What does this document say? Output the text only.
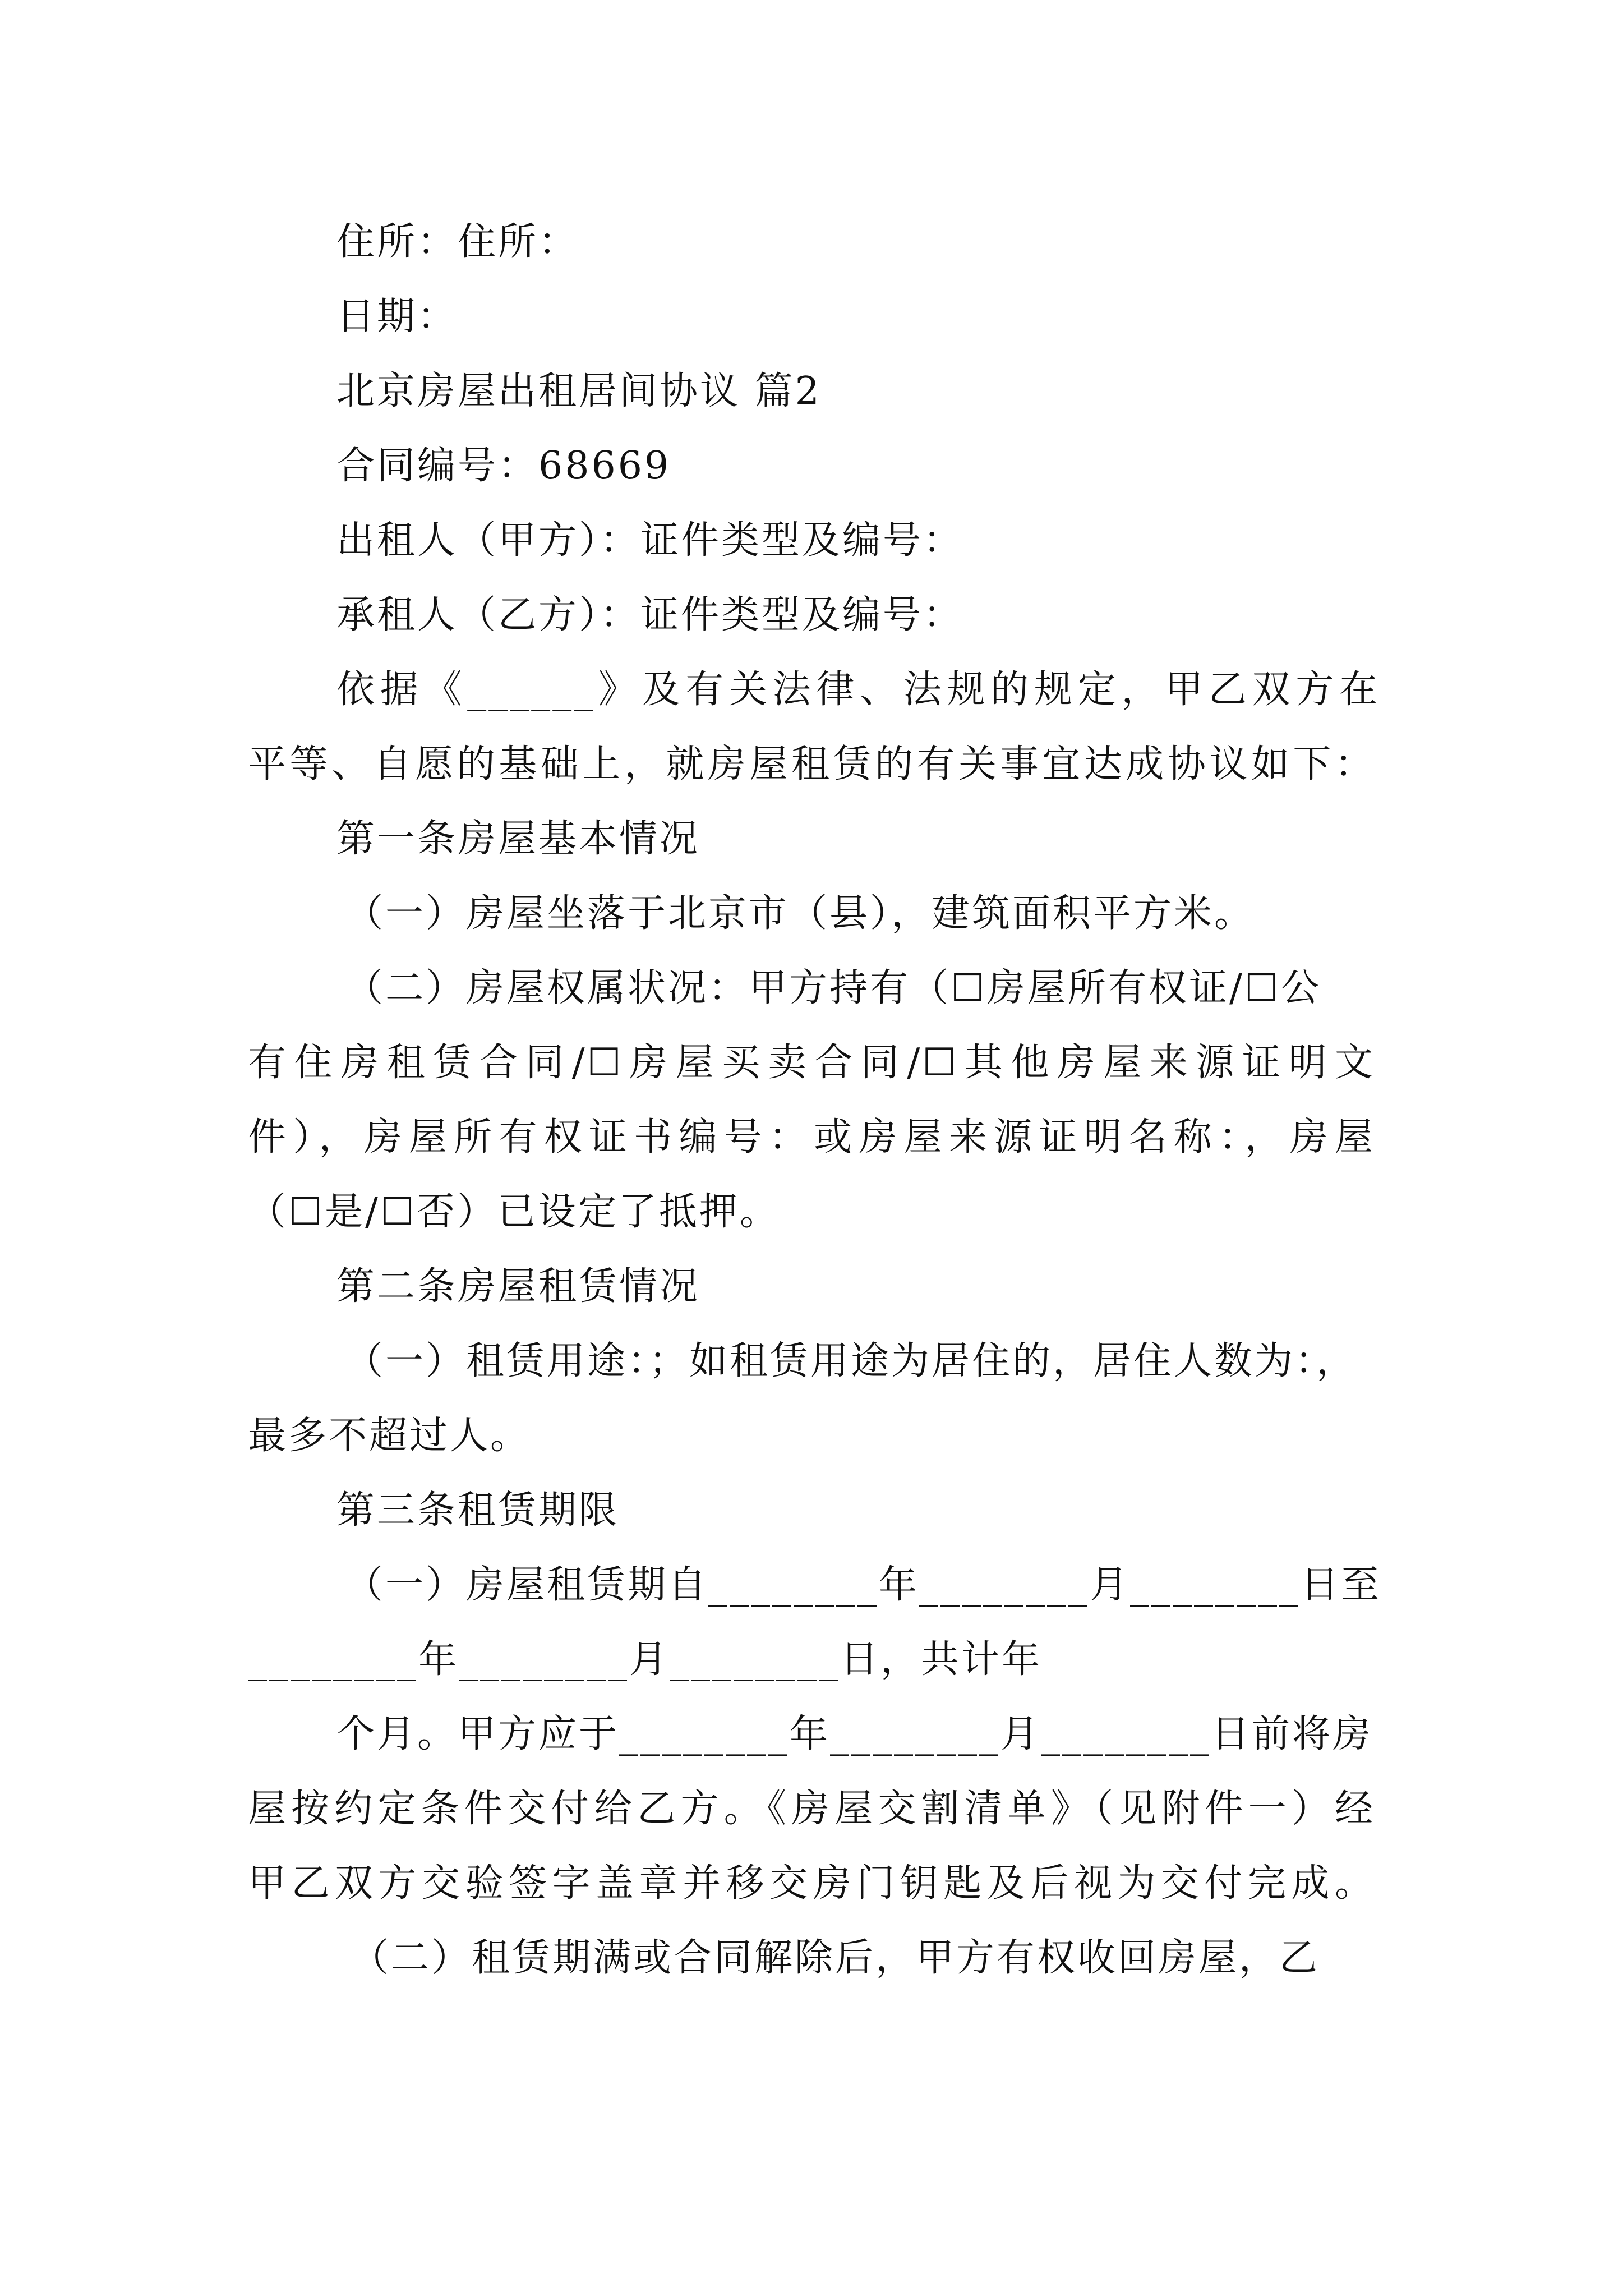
住所：住所：
日期：
北京房屋出租居间协议 篇2
合同编号：68669
出租人（甲方）：证件类型及编号：
承租人（乙方）：证件类型及编号：
依据《______》及有关法律、法规的规定，甲乙双方在
平等、自愿的基础上，就房屋租赁的有关事宜达成协议如下：
第一条房屋基本情况
（一）房屋坐落于北京市（县），建筑面积平方米。
（二）房屋权属状况：甲方持有（☐房屋所有权证/☐公
有住房租赁合同/☐房屋买卖合同/☐其他房屋来源证明文
件），房屋所有权证书编号：或房屋来源证明名称：，房屋
（☐是/☐否）已设定了抵押。
第二条房屋租赁情况
（一）租赁用途：；如租赁用途为居住的，居住人数为：，
最多不超过人。
第三条租赁期限
（一）房屋租赁期自________年________月________日至
________年________月________日，共计年
个月。甲方应于________年________月________日前将房
屋按约定条件交付给乙方。《房屋交割清单》（见附件一）经
甲乙双方交验签字盖章并移交房门钥匙及后视为交付完成。
（二）租赁期满或合同解除后，甲方有权收回房屋，乙
